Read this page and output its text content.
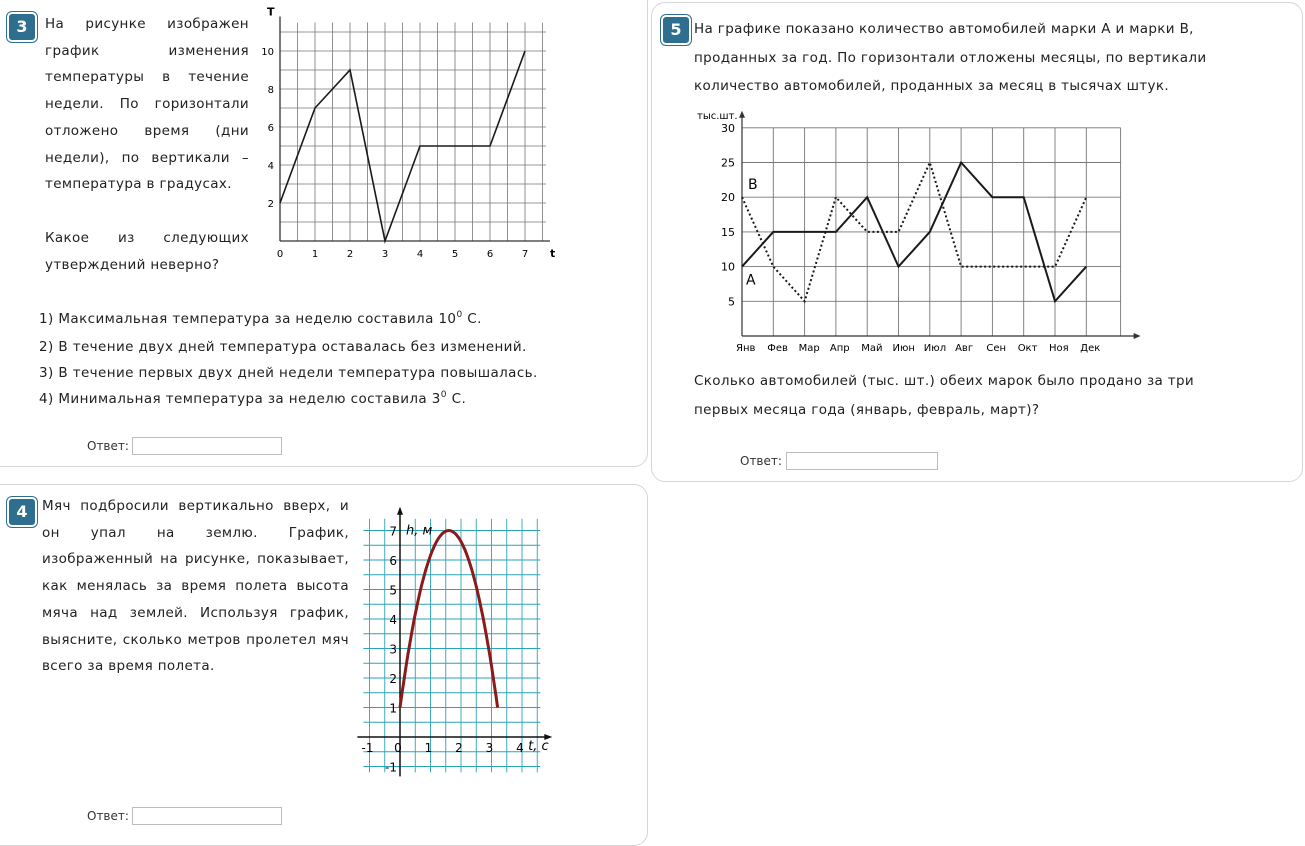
3	На рисунке изображен
график изменения
температуры в течение
недели. По горизонтали
отложено время (дни
недели), по вертикали –
температура в градусах.
Какое из следующих
утверждений неверно?
T
t
0	1	2	3	4	5	6	7
2
4
6
8
10
1) Максимальная температура за неделю составила $10^0$ С.
2) В течение двух дней температура оставалась без изменений.
3) В течение первых двух дней недели температура повышалась.
4) Минимальная температура за неделю составила $3^0$ С.
Ответ:
5 На графике показано количество автомобилей марки А и марки В,
проданных за год. По горизонтали отложены месяцы, по вертикали
количество автомобилей, проданных за месяц в тысячах штук.
тыс.шт.
5
10
15
20
25
30
Янв Фев Мар Апр Май Июн Июл Авг Сен Окт Ноя Дек
A
B
Сколько автомобилей (тыс. шт.) обеих марок было продано за три
первых месяца года (январь, февраль, март)?
Ответ:
4	Мяч подбросили вертикально вверх, и
он упал на землю. График,
изображенный на рисунке, показывает,
как менялась за время полета высота
мяча над землей. Используя график,
выясните, сколько метров пролетел мяч
всего за время полета.
h, м
t, с
-1 0 1 2 3 4
-1
1
2
3
4
5
6
7
Ответ:
